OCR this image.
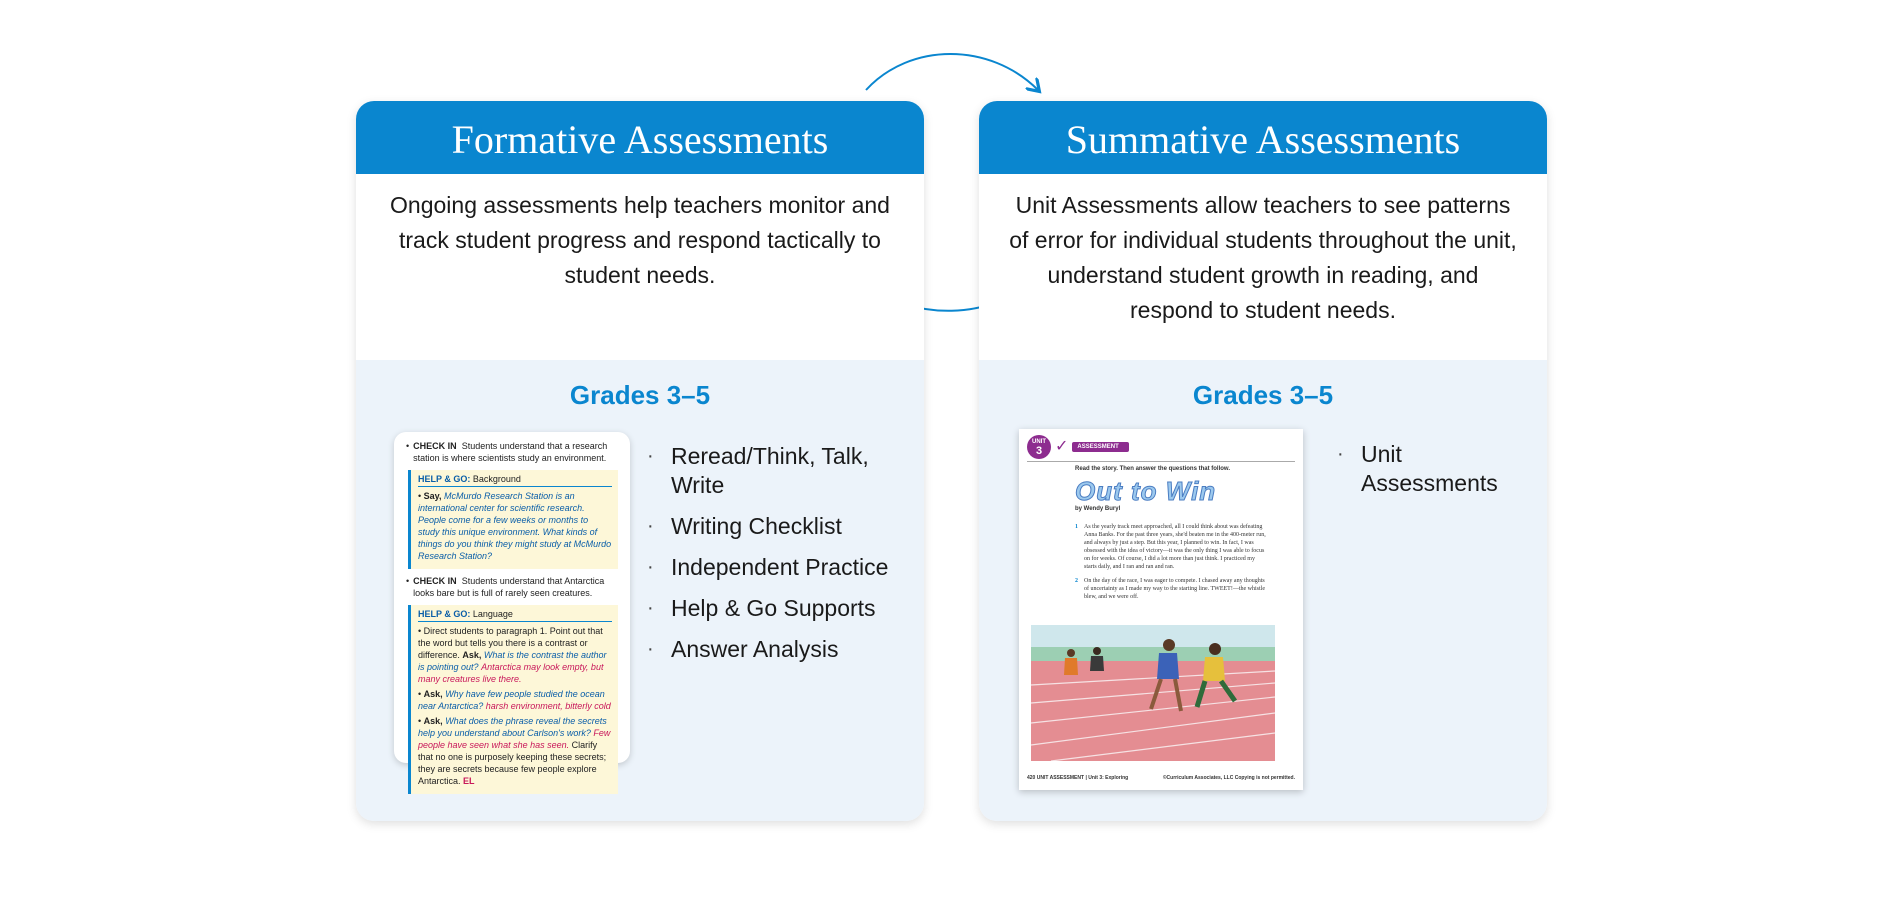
Formative Assessments
Ongoing assessments help teachers monitor and track student progress and respond tactically to student needs.
Grades 3–5
• CHECK IN Students understand that a research station is where scientists study an environment.
HELP & GO: Background

• Say, McMurdo Research Station is an international center for scientific research. People come for a few weeks or months to study this unique environment. What kinds of things do you think they might study at McMurdo Research Station?

• CHECK IN Students understand that Antarctica looks bare but is full of rarely seen creatures.
HELP & GO: Language

• Direct students to paragraph 1. Point out that the word but tells you there is a contrast or difference. Ask, What is the contrast the author is pointing out? Antarctica may look empty, but many creatures live there.

• Ask, Why have few people studied the ocean near Antarctica? harsh environment, bitterly cold

• Ask, What does the phrase reveal the secrets help you understand about Carlson's work? Few people have seen what she has seen. Clarify that no one is purposely keeping these secrets; they are secrets because few people explore Antarctica. EL

· Reread/Think, Talk, Write
· Writing Checklist
· Independent Practice
· Help & Go Supports
· Answer Analysis
Summative Assessments
Unit Assessments allow teachers to see patterns of error for individual students throughout the unit, understand student growth in reading, and respond to student needs.
Grades 3–5
UNIT
3 ✓	ASSESSMENT
Read the story. Then answer the questions that follow.
Out to Win
by Wendy Buryl
1 As the yearly track meet approached, all I could think about was defeating Anna Banks. For the past three years, she'd beaten me in the 400-meter run, and always by just a step. But this year, I planned to win. In fact, I was obsessed with the idea of victory—it was the only thing I was able to focus on for weeks. Of course, I did a lot more than just think. I practiced my starts daily, and I ran and ran and ran.
2 On the day of the race, I was eager to compete. I chased away any thoughts of uncertainty as I made my way to the starting line. TWEET!—the whistle blew, and we were off.
420 UNIT ASSESSMENT | Unit 3: Exploring	©Curriculum Associates, LLC Copying is not permitted.
· Unit Assessments
